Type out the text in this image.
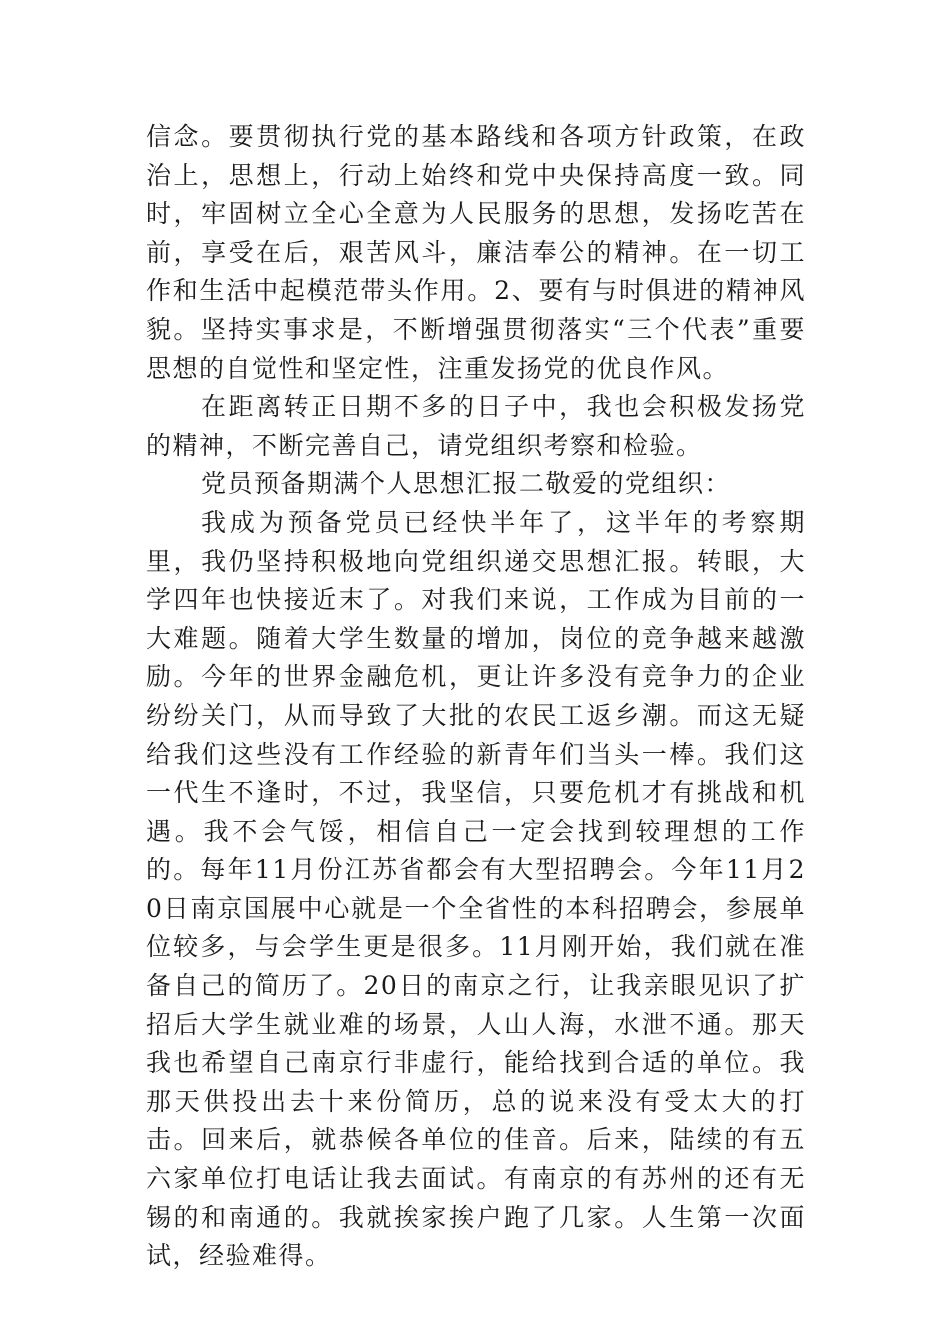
信念。要贯彻执行党的基本路线和各项方针政策，在政治上，思想上，行动上始终和党中央保持高度一致。同时，牢固树立全心全意为人民服务的思想，发扬吃苦在前，享受在后，艰苦风斗，廉洁奉公的精神。在一切工作和生活中起模范带头作用。2、要有与时俱进的精神风貌。坚持实事求是，不断增强贯彻落实“三个代表”重要思想的自觉性和坚定性，注重发扬党的优良作风。

在距离转正日期不多的日子中，我也会积极发扬党的精神，不断完善自己，请党组织考察和检验。

党员预备期满个人思想汇报二敬爱的党组织：

我成为预备党员已经快半年了，这半年的考察期里，我仍坚持积极地向党组织递交思想汇报。转眼，大学四年也快接近末了。对我们来说，工作成为目前的一大难题。随着大学生数量的增加，岗位的竞争越来越激励。今年的世界金融危机，更让许多没有竞争力的企业纷纷关门，从而导致了大批的农民工返乡潮。而这无疑给我们这些没有工作经验的新青年们当头一棒。我们这一代生不逢时，不过，我坚信，只要危机才有挑战和机遇。我不会气馁，相信自己一定会找到较理想的工作的。每年11月份江苏省都会有大型招聘会。今年11月20日南京国展中心就是一个全省性的本科招聘会，参展单位较多，与会学生更是很多。11月刚开始，我们就在准备自己的简历了。20日的南京之行，让我亲眼见识了扩招后大学生就业难的场景，人山人海，水泄不通。那天我也希望自己南京行非虚行，能给找到合适的单位。我那天供投出去十来份简历，总的说来没有受太大的打击。回来后，就恭候各单位的佳音。后来，陆续的有五六家单位打电话让我去面试。有南京的有苏州的还有无锡的和南通的。我就挨家挨户跑了几家。人生第一次面试，经验难得。
